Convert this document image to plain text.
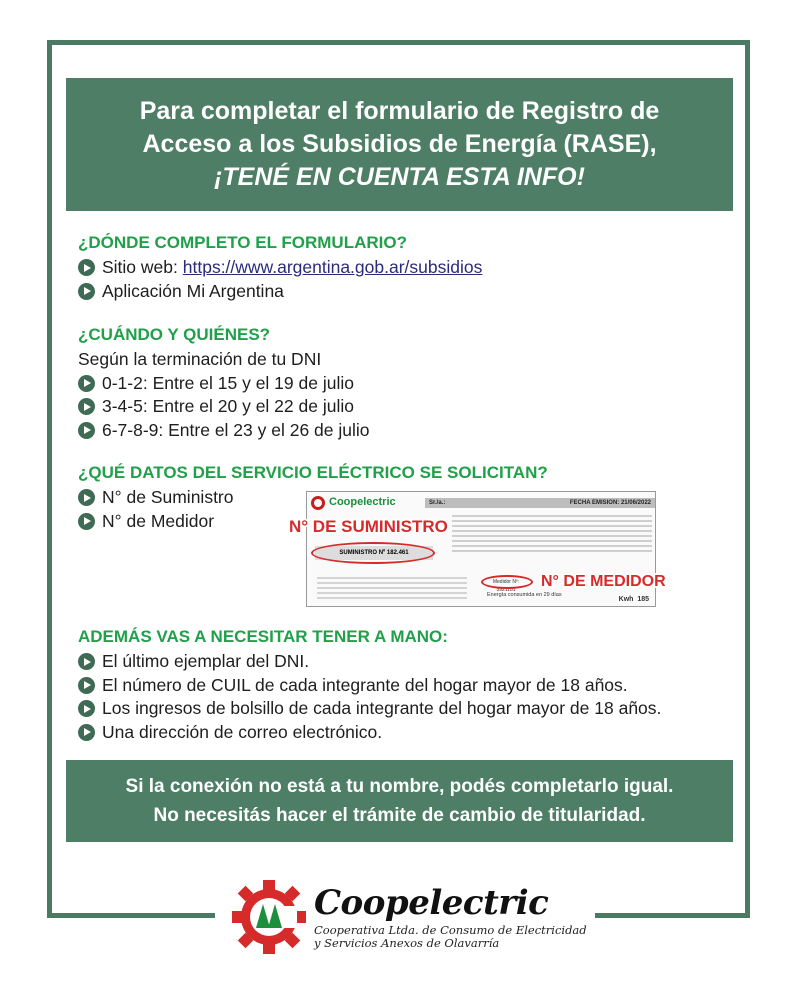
Para completar el formulario de Registro de
Acceso a los Subsidios de Energía (RASE),
¡TENÉ EN CUENTA ESTA INFO!
¿DÓNDE COMPLETO EL FORMULARIO?
Sitio web:
https://www.argentina.gob.ar/subsidios
Aplicación Mi Argentina
¿CUÁNDO Y QUIÉNES?
Según la terminación de tu DNI
0-1-2: Entre el 15 y el 19 de julio
3-4-5: Entre el 20 y el 22 de julio
6-7-8-9: Entre el 23 y el 26 de julio
¿QUÉ DATOS DEL SERVICIO ELÉCTRICO SE SOLICITAN?
N° de Suministro
N° de Medidor
Coopelectric	Sr./a.:	FECHA EMISION: 21/06/2022
SUMINISTRO Nº 182.461
Medidor Nº: 3921101
Energía consumida en 29 días
Kwh 185
N° DE SUMINISTRO
N° DE MEDIDOR
ADEMÁS VAS A NECESITAR TENER A MANO:
El último ejemplar del DNI.
El número de CUIL de cada integrante del hogar mayor de 18 años.
Los ingresos de bolsillo de cada integrante del hogar mayor de 18 años.
Una dirección de correo electrónico.
Si la conexión no está a tu nombre, podés completarlo igual.
No necesitás hacer el trámite de cambio de titularidad.
Coopelectric
Cooperativa Ltda. de Consumo de Electricidad
y Servicios Anexos de Olavarría
